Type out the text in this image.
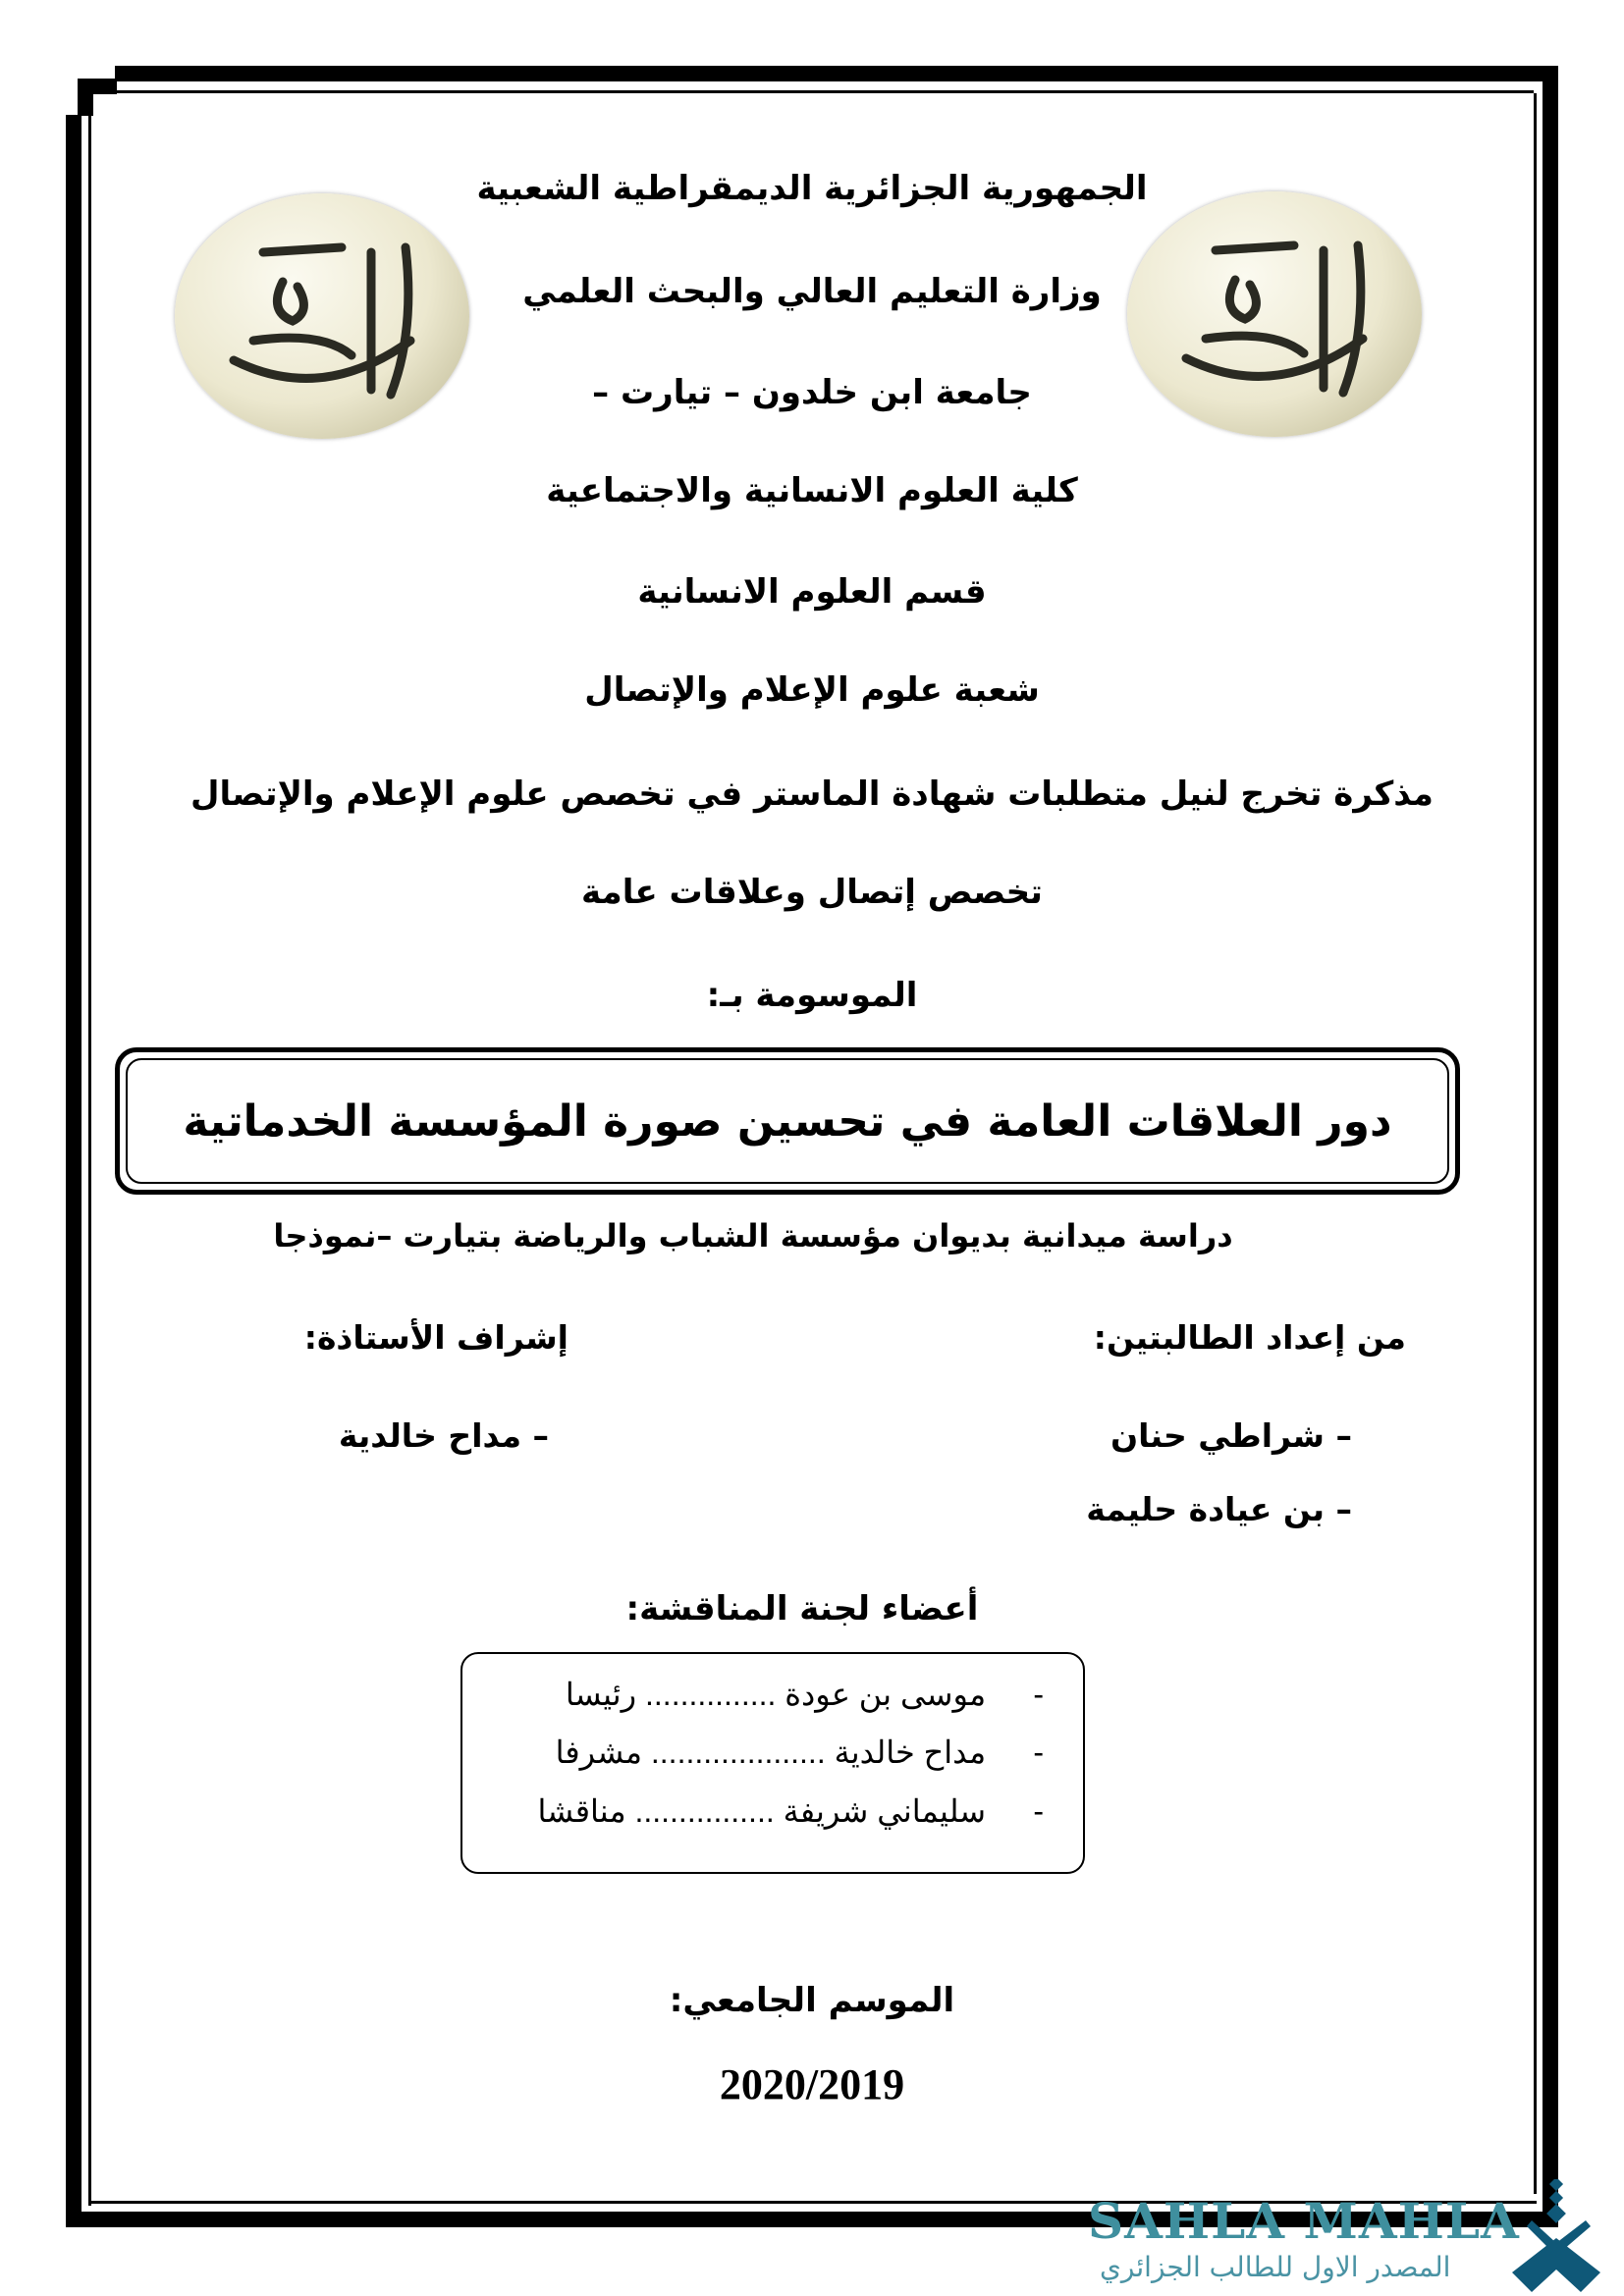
الجمهورية الجزائرية الديمقراطية الشعبية
وزارة التعليم العالي والبحث العلمي
جامعة ابن خلدون – تيارت –
كلية العلوم الانسانية والاجتماعية
قسم العلوم الانسانية
شعبة علوم الإعلام والإتصال
مذكرة تخرج لنيل متطلبات شهادة الماستر في تخصص علوم الإعلام والإتصال
تخصص إتصال وعلاقات عامة
الموسومة بـ:
دور العلاقات العامة في تحسين صورة المؤسسة الخدماتية
دراسة ميدانية بديوان مؤسسة الشباب والرياضة بتيارت –نموذجا
من إعداد الطالبتين:
إشراف الأستاذة:
– شراطي حنان
– بن عيادة حليمة
– مداح خالدية
أعضاء لجنة المناقشة:
- موسى بن عودة ............... رئيسا
- مداح خالدية .................... مشرفا
- سليماني شريفة ................ مناقشا
الموسم الجامعي:
2020/2019
SAHLA MAHLA
المصدر الاول للطالب الجزائري
